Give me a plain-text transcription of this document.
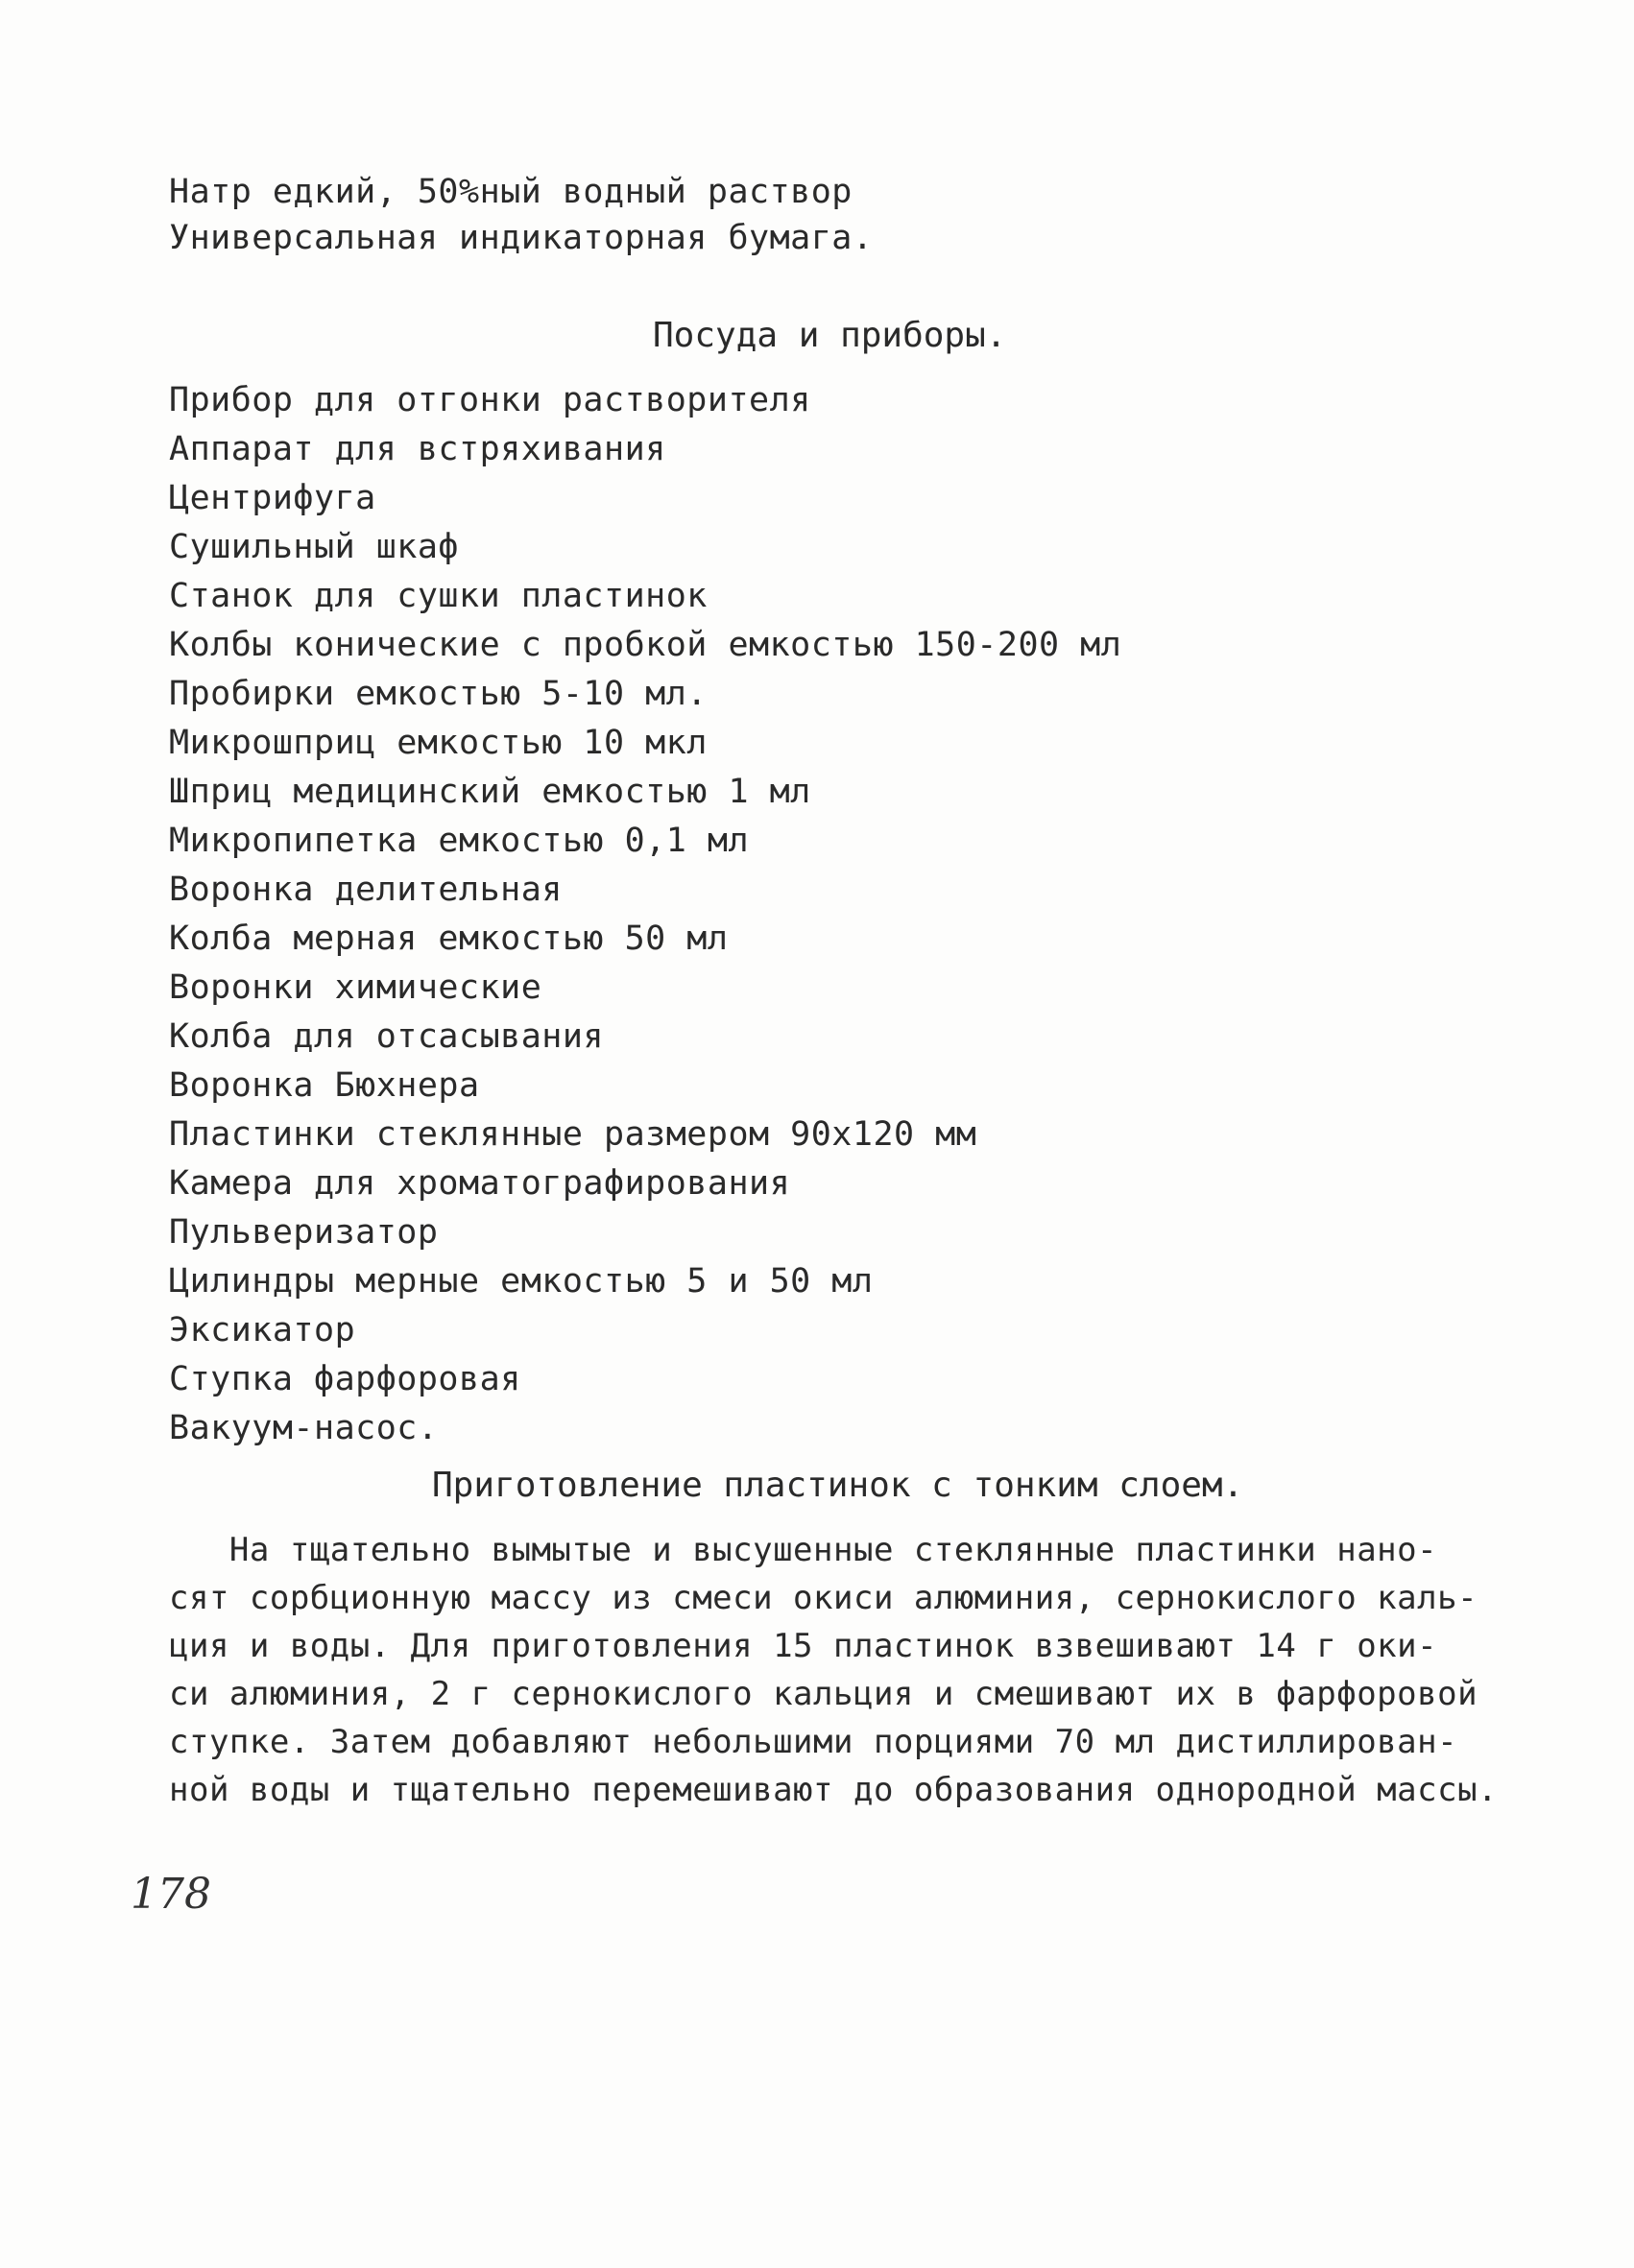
Натр едкий, 50%ный водный раствор
Универсальная индикаторная бумага.
Посуда и приборы.
Прибор для отгонки растворителя
Аппарат для встряхивания
Центрифуга
Сушильный шкаф
Станок для сушки пластинок
Колбы конические с пробкой емкостью 150-200 мл
Пробирки емкостью 5-10 мл.
Микрошприц емкостью 10 мкл
Шприц медицинский емкостью 1 мл
Микропипетка емкостью 0,1 мл
Воронка делительная
Колба мерная емкостью 50 мл
Воронки химические
Колба для отсасывания
Воронка Бюхнера
Пластинки стеклянные размером 90х120 мм
Камера для хроматографирования
Пульверизатор
Цилиндры мерные емкостью 5 и 50 мл
Эксикатор
Ступка фарфоровая
Вакуум-насос.
Приготовление пластинок с тонким слоем.
На тщательно вымытые и высушенные стеклянные пластинки нано-
сят сорбционную массу из смеси окиси алюминия, сернокислого каль-
ция и воды. Для приготовления 15 пластинок взвешивают 14 г оки-
си алюминия, 2 г сернокислого кальция и смешивают их в фарфоровой
ступке. Затем добавляют небольшими порциями 70 мл дистиллирован-
ной воды и тщательно перемешивают до образования однородной массы.
178
